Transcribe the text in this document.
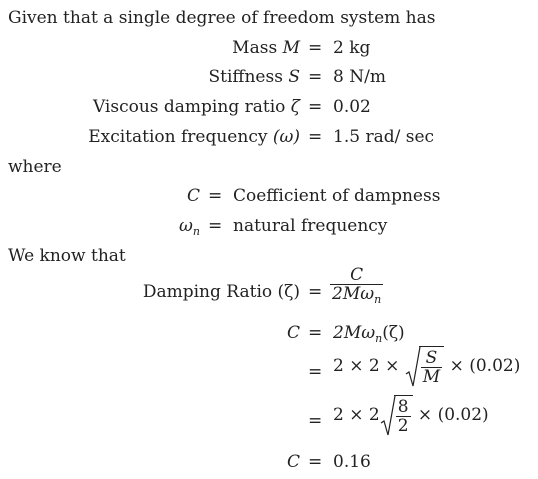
Given that a single degree of freedom system has
Mass M = 2 kg
Stiffness S = 8 N/m
Viscous damping ratio ζ = 0.02
Excitation frequency (ω) = 1.5 rad/ sec
where
C = Coefficient of dampness
$\omega_n$ = natural frequency
We know that
Damping Ratio $(\zeta) = \frac{C}{2M\omega_n}$
$C = 2M\omega_n(\zeta)$
= $2 \times 2 \times \frac{S}{M} \times (0.02)$
= $2 \times 2 \frac{8}{2} \times (0.02)$
C = 0.16
